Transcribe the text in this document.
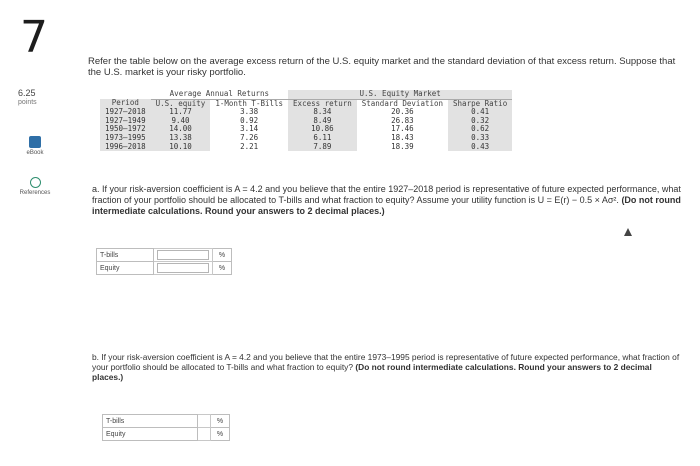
7	Refer the table below on the average excess return of the U.S. equity market and the standard deviation of that excess return. Suppose that the U.S. market is your risky portfolio.
6.25
points
eBook
References
	Average Annual Returns		U.S. Equity Market		
Period	U.S. equity	1-Month T-Bills	Excess return	Standard Deviation	Sharpe Ratio
1927–2018	11.77	3.38	8.34	20.36	0.41
1927–1949	9.40	0.92	8.49	26.83	0.32
1950–1972	14.00	3.14	10.86	17.46	0.62
1973–1995	13.38	7.26	6.11	18.43	0.33
1996–2018	10.10	2.21	7.89	18.39	0.43
a. If your risk-aversion coefficient is A = 4.2 and you believe that the entire 1927–2018 period is representative of future expected performance, what fraction of your portfolio should be allocated to T-bills and what fraction to equity? Assume your utility function is U = E(r) − 0.5 × Aσ². (Do not round intermediate calculations. Round your answers to 2 decimal places.)
T-bills		%
Equity		%
b. If your risk-aversion coefficient is A = 4.2 and you believe that the entire 1973–1995 period is representative of future expected performance, what fraction of your portfolio should be allocated to T-bills and what fraction to equity? (Do not round intermediate calculations. Round your answers to 2 decimal places.)
T-bills		%
Equity		%
